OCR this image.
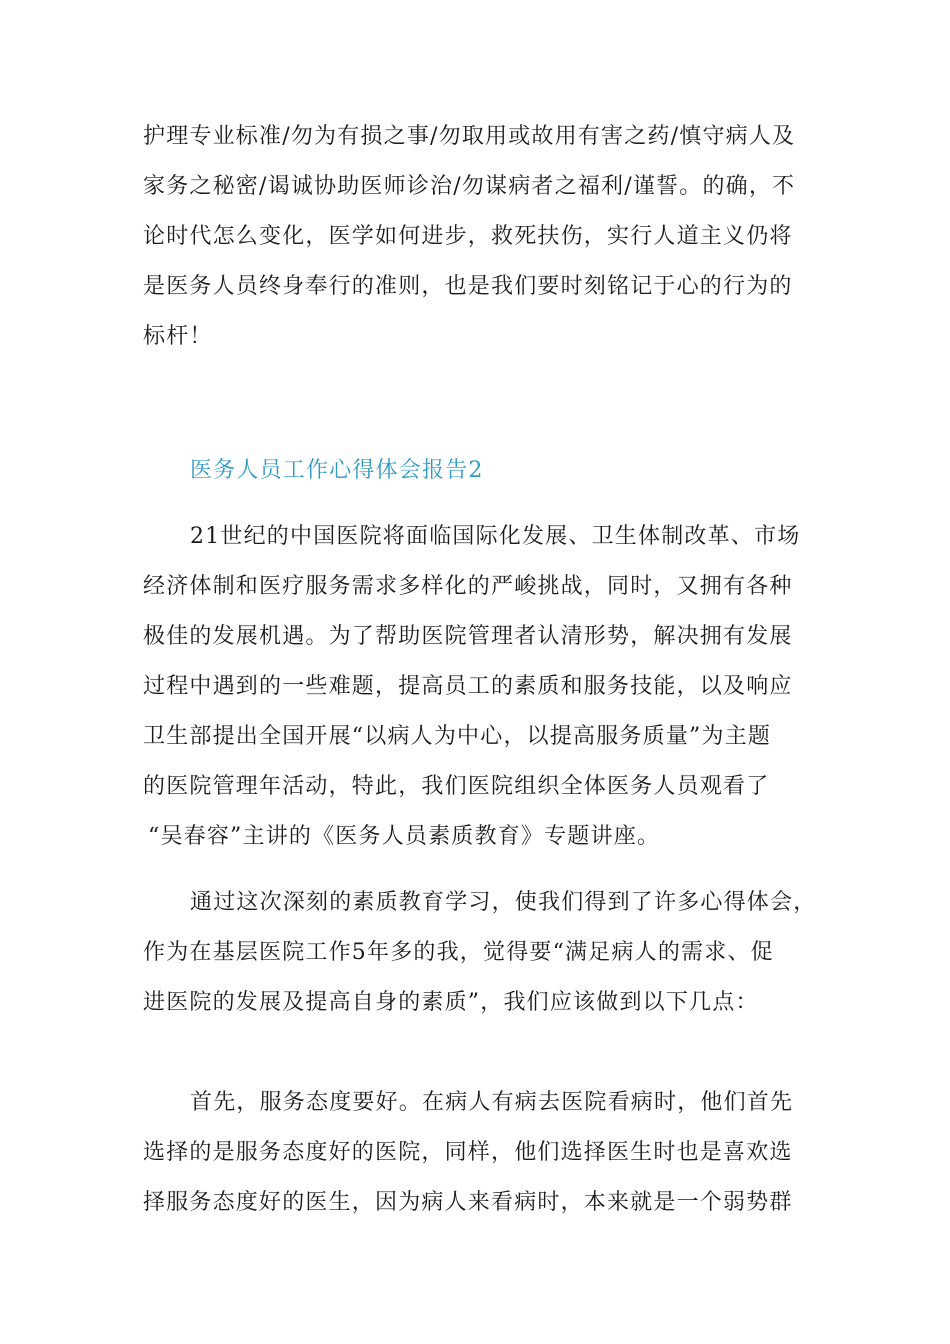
护理专业标准/勿为有损之事/勿取用或故用有害之药/慎守病人及
家务之秘密/谒诚协助医师诊治/勿谋病者之福利/谨誓。的确，不
论时代怎么变化，医学如何进步，救死扶伤，实行人道主义仍将
是医务人员终身奉行的准则，也是我们要时刻铭记于心的行为的
标杆！
医务人员工作心得体会报告2
21世纪的中国医院将面临国际化发展、卫生体制改革、市场
经济体制和医疗服务需求多样化的严峻挑战，同时，又拥有各种
极佳的发展机遇。为了帮助医院管理者认清形势，解决拥有发展
过程中遇到的一些难题，提高员工的素质和服务技能，以及响应
卫生部提出全国开展“以病人为中心，以提高服务质量”为主题
的医院管理年活动，特此，我们医院组织全体医务人员观看了
“吴春容”主讲的《医务人员素质教育》专题讲座。
通过这次深刻的素质教育学习，使我们得到了许多心得体会，
作为在基层医院工作5年多的我，觉得要“满足病人的需求、促
进医院的发展及提高自身的素质”，我们应该做到以下几点：
首先，服务态度要好。在病人有病去医院看病时，他们首先
选择的是服务态度好的医院，同样，他们选择医生时也是喜欢选
择服务态度好的医生，因为病人来看病时，本来就是一个弱势群
